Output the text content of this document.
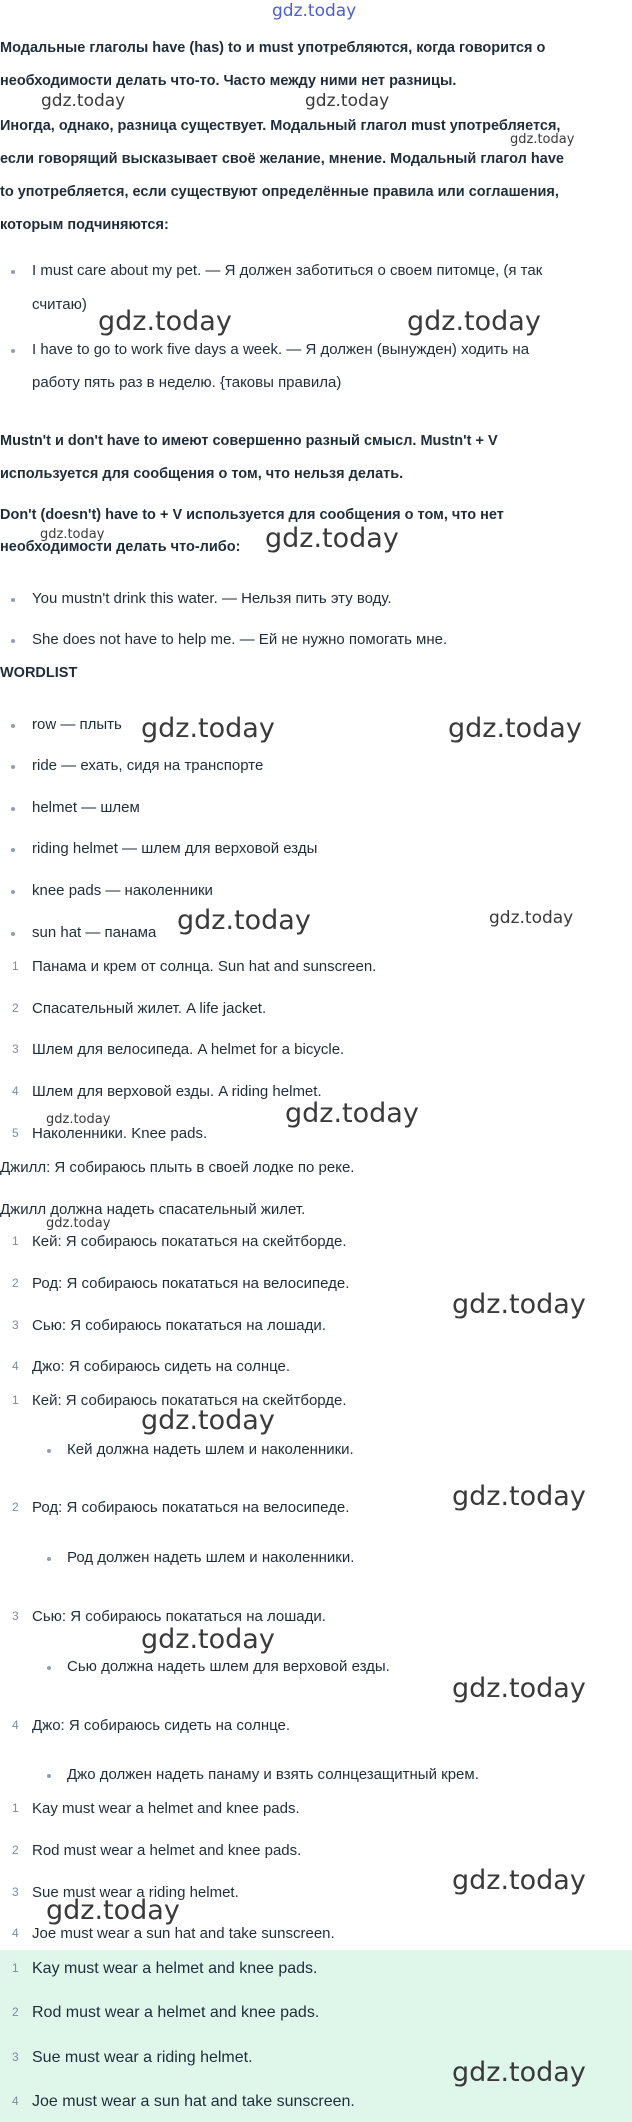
gdz.today
Модальные глаголы have (has) to и must употребляются, когда говорится о
необходимости делать что-то. Часто между ними нет разницы.
Иногда, однако, разница существует. Модальный глагол must употребляется,
если говорящий высказывает своё желание, мнение. Модальный глагол have
to употребляется, если существуют определённые правила или соглашения,
которым подчиняются:
I must care about my pet. — Я должен заботиться о своем питомце, (я так
считаю)
I have to go to work five days a week. — Я должен (вынужден) ходить на
работу пять раз в неделю. {таковы правила)
Mustn't и don't have to имеют совершенно разный смысл. Mustn't + V
используется для сообщения о том, что нельзя делать.
Don't (doesn't) have to + V используется для сообщения о том, что нет
необходимости делать что-либо:
You mustn't drink this water. — Нельзя пить эту воду.
She does not have to help me. — Ей не нужно помогать мне.
WORDLIST
row — плыть
ride — ехать, сидя на транспорте
helmet — шлем
riding helmet — шлем для верховой езды
knee pads — наколенники
sun hat — панама
1 Панама и крем от солнца. Sun hat and sunscreen.
2 Спасательный жилет. A life jacket.
3 Шлем для велосипеда. A helmet for a bicycle.
4 Шлем для верховой езды. A riding helmet.
5 Наколенники. Knee pads.
Джилл: Я собираюсь плыть в своей лодке по реке.
Джилл должна надеть спасательный жилет.
1 Кей: Я собираюсь покататься на скейтборде.
2 Род: Я собираюсь покататься на велосипеде.
3 Сью: Я собираюсь покататься на лошади.
4 Джо: Я собираюсь сидеть на солнце.
1 Кей: Я собираюсь покататься на скейтборде.
Кей должна надеть шлем и наколенники.
2 Род: Я собираюсь покататься на велосипеде.
Род должен надеть шлем и наколенники.
3 Сью: Я собираюсь покататься на лошади.
Сью должна надеть шлем для верховой езды.
4 Джо: Я собираюсь сидеть на солнце.
Джо должен надеть панаму и взять солнцезащитный крем.
1 Kay must wear a helmet and knee pads.
2 Rod must wear a helmet and knee pads.
3 Sue must wear a riding helmet.
4 Joe must wear a sun hat and take sunscreen.
1 Kay must wear a helmet and knee pads.
2 Rod must wear a helmet and knee pads.
3 Sue must wear a riding helmet.
4 Joe must wear a sun hat and take sunscreen.
gdz.today	gdz.today
gdz.today
gdz.today	gdz.today
gdz.today	gdz.today
gdz.today	gdz.today
gdz.today	gdz.today
gdz.today	gdz.today
gdz.today
gdz.today
gdz.today
gdz.today
gdz.today
gdz.today
gdz.today
gdz.today
gdz.today
